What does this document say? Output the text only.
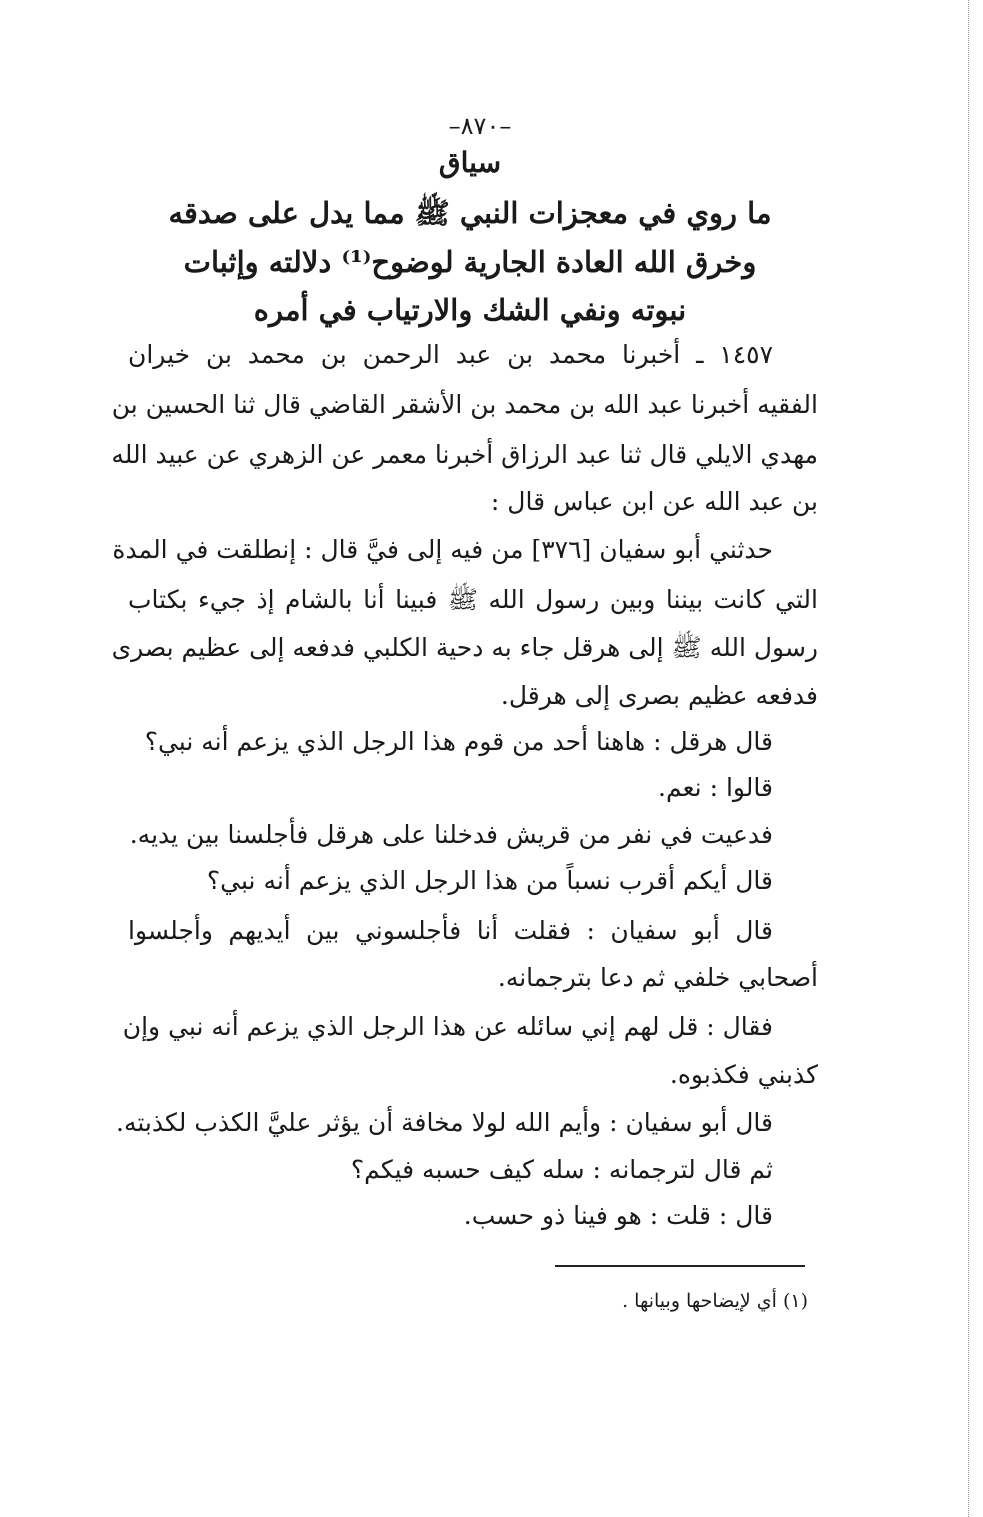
–٨٧٠–
سياق
ما روي في معجزات النبي ﷺ مما يدل على صدقه
وخرق الله العادة الجارية لوضوح⁽¹⁾ دلالته وإثبات
نبوته ونفي الشك والارتياب في أمره
١٤٥٧ ـ أخبرنا محمد بن عبد الرحمن بن محمد بن خيران
الفقيه أخبرنا عبد الله بن محمد بن الأشقر القاضي قال ثنا الحسين بن
مهدي الايلي قال ثنا عبد الرزاق أخبرنا معمر عن الزهري عن عبيد الله
بن عبد الله عن ابن عباس قال :
حدثني أبو سفيان [٣٧٦] من فيه إلى فيَّ قال : إنطلقت في المدة
التي كانت بيننا وبين رسول الله ﷺ فبينا أنا بالشام إذ جيء بكتاب
رسول الله ﷺ إلى هرقل جاء به دحية الكلبي فدفعه إلى عظيم بصرى
فدفعه عظيم بصرى إلى هرقل.
قال هرقل : هاهنا أحد من قوم هذا الرجل الذي يزعم أنه نبي؟
قالوا : نعم.
فدعيت في نفر من قريش فدخلنا على هرقل فأجلسنا بين يديه.
قال أيكم أقرب نسباً من هذا الرجل الذي يزعم أنه نبي؟
قال أبو سفيان : فقلت أنا فأجلسوني بين أيديهم وأجلسوا
أصحابي خلفي ثم دعا بترجمانه.
فقال : قل لهم إني سائله عن هذا الرجل الذي يزعم أنه نبي وإن
كذبني فكذبوه.
قال أبو سفيان : وأيم الله لولا مخافة أن يؤثر عليَّ الكذب لكذبته.
ثم قال لترجمانه : سله كيف حسبه فيكم؟
قال : قلت : هو فينا ذو حسب.
(١) أي لإيضاحها وبيانها .
